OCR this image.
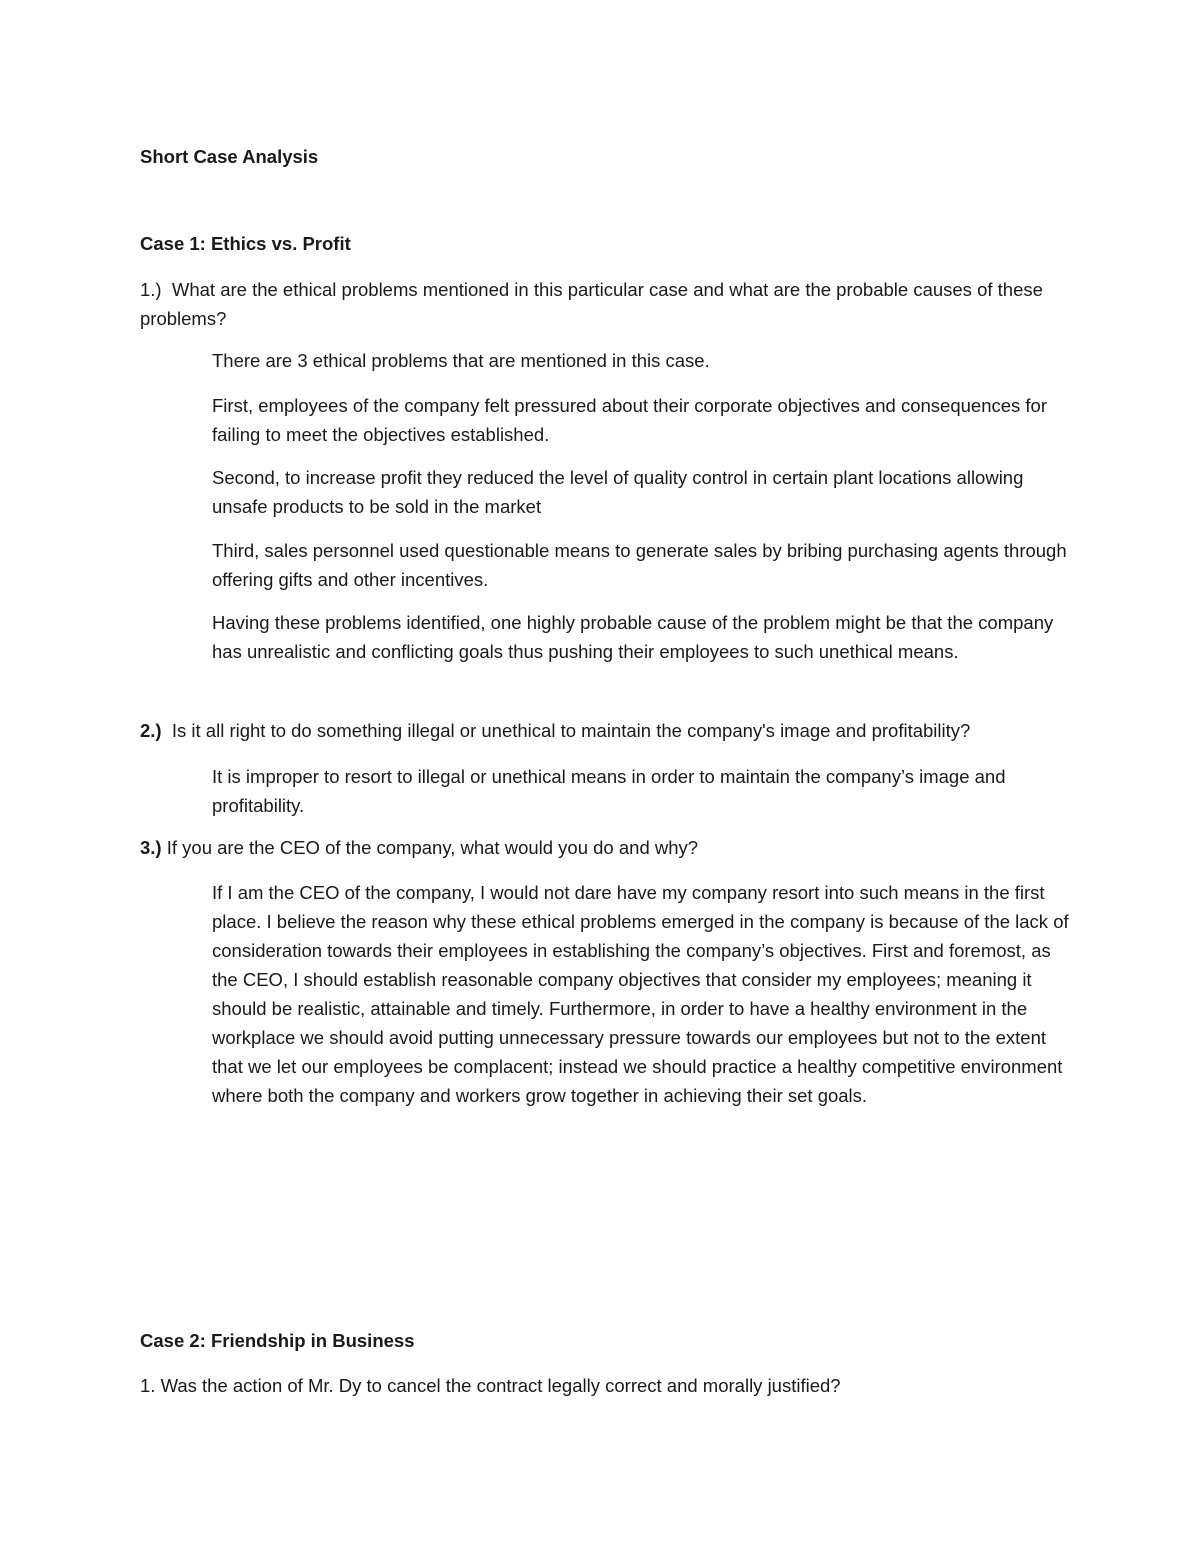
Short Case Analysis

Case 1: Ethics vs. Profit

1.) What are the ethical problems mentioned in this particular case and what are the probable causes of these problems?

There are 3 ethical problems that are mentioned in this case.

First, employees of the company felt pressured about their corporate objectives and consequences for failing to meet the objectives established.

Second, to increase profit they reduced the level of quality control in certain plant locations allowing unsafe products to be sold in the market

Third, sales personnel used questionable means to generate sales by bribing purchasing agents through offering gifts and other incentives.

Having these problems identified, one highly probable cause of the problem might be that the company has unrealistic and conflicting goals thus pushing their employees to such unethical means.

2.) Is it all right to do something illegal or unethical to maintain the company's image and profitability?

It is improper to resort to illegal or unethical means in order to maintain the company’s image and profitability.

3.) If you are the CEO of the company, what would you do and why?

If I am the CEO of the company, I would not dare have my company resort into such means in the first place. I believe the reason why these ethical problems emerged in the company is because of the lack of consideration towards their employees in establishing the company’s objectives. First and foremost, as the CEO, I should establish reasonable company objectives that consider my employees; meaning it should be realistic, attainable and timely. Furthermore, in order to have a healthy environment in the workplace we should avoid putting unnecessary pressure towards our employees but not to the extent that we let our employees be complacent; instead we should practice a healthy competitive environment where both the company and workers grow together in achieving their set goals.

Case 2: Friendship in Business

1. Was the action of Mr. Dy to cancel the contract legally correct and morally justified?
